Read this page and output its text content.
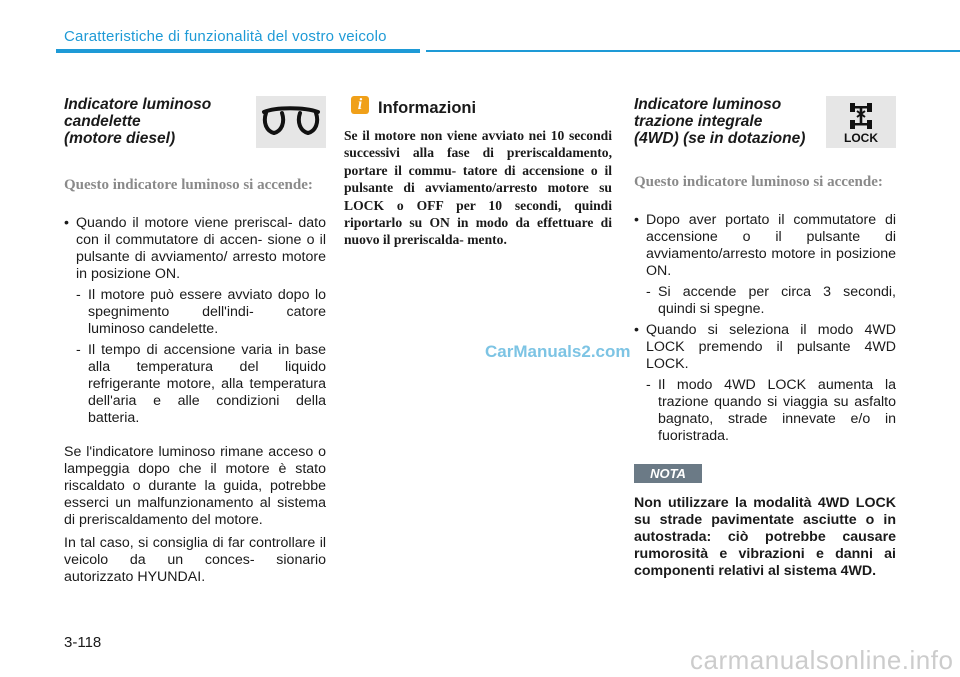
Caratteristiche di funzionalità del vostro veicolo
Indicatore luminoso
candelette
(motore diesel)
Questo indicatore luminoso si accende:

• Quando il motore viene preriscal- dato con il commutatore di accen- sione o il pulsante di avviamento/ arresto motore in posizione ON.

- Il motore può essere avviato dopo lo spegnimento dell'indi- catore luminoso candelette.

- Il tempo di accensione varia in base alla temperatura del liquido refrigerante motore, alla temperatura dell'aria e alle condizioni della batteria.

Se l'indicatore luminoso rimane acceso o lampeggia dopo che il motore è stato riscaldato o durante la guida, potrebbe esserci un malfunzionamento al sistema di preriscaldamento del motore.

In tal caso, si consiglia di far controllare il veicolo da un conces- sionario autorizzato HYUNDAI.

i Informazioni
Se il motore non viene avviato nei 10 secondi successivi alla fase di preriscaldamento, portare il commu- tatore di accensione o il pulsante di avviamento/arresto motore su LOCK o OFF per 10 secondi, quindi riportarlo su ON in modo da effettuare di nuovo il preriscalda- mento.
CarManuals2.com
Indicatore luminoso
trazione integrale
(4WD) (se in dotazione)	LOCK
Questo indicatore luminoso si accende:

• Dopo aver portato il commutatore di accensione o il pulsante di avviamento/arresto motore in posizione ON.

- Si accende per circa 3 secondi, quindi si spegne.

• Quando si seleziona il modo 4WD LOCK premendo il pulsante 4WD LOCK.

- Il modo 4WD LOCK aumenta la trazione quando si viaggia su asfalto bagnato, strade innevate e/o in fuoristrada.

NOTA
Non utilizzare la modalità 4WD LOCK su strade pavimentate asciutte o in autostrada: ciò potrebbe causare rumorosità e vibrazioni e danni ai componenti relativi al sistema 4WD.
3-118
carmanualsonline.info
